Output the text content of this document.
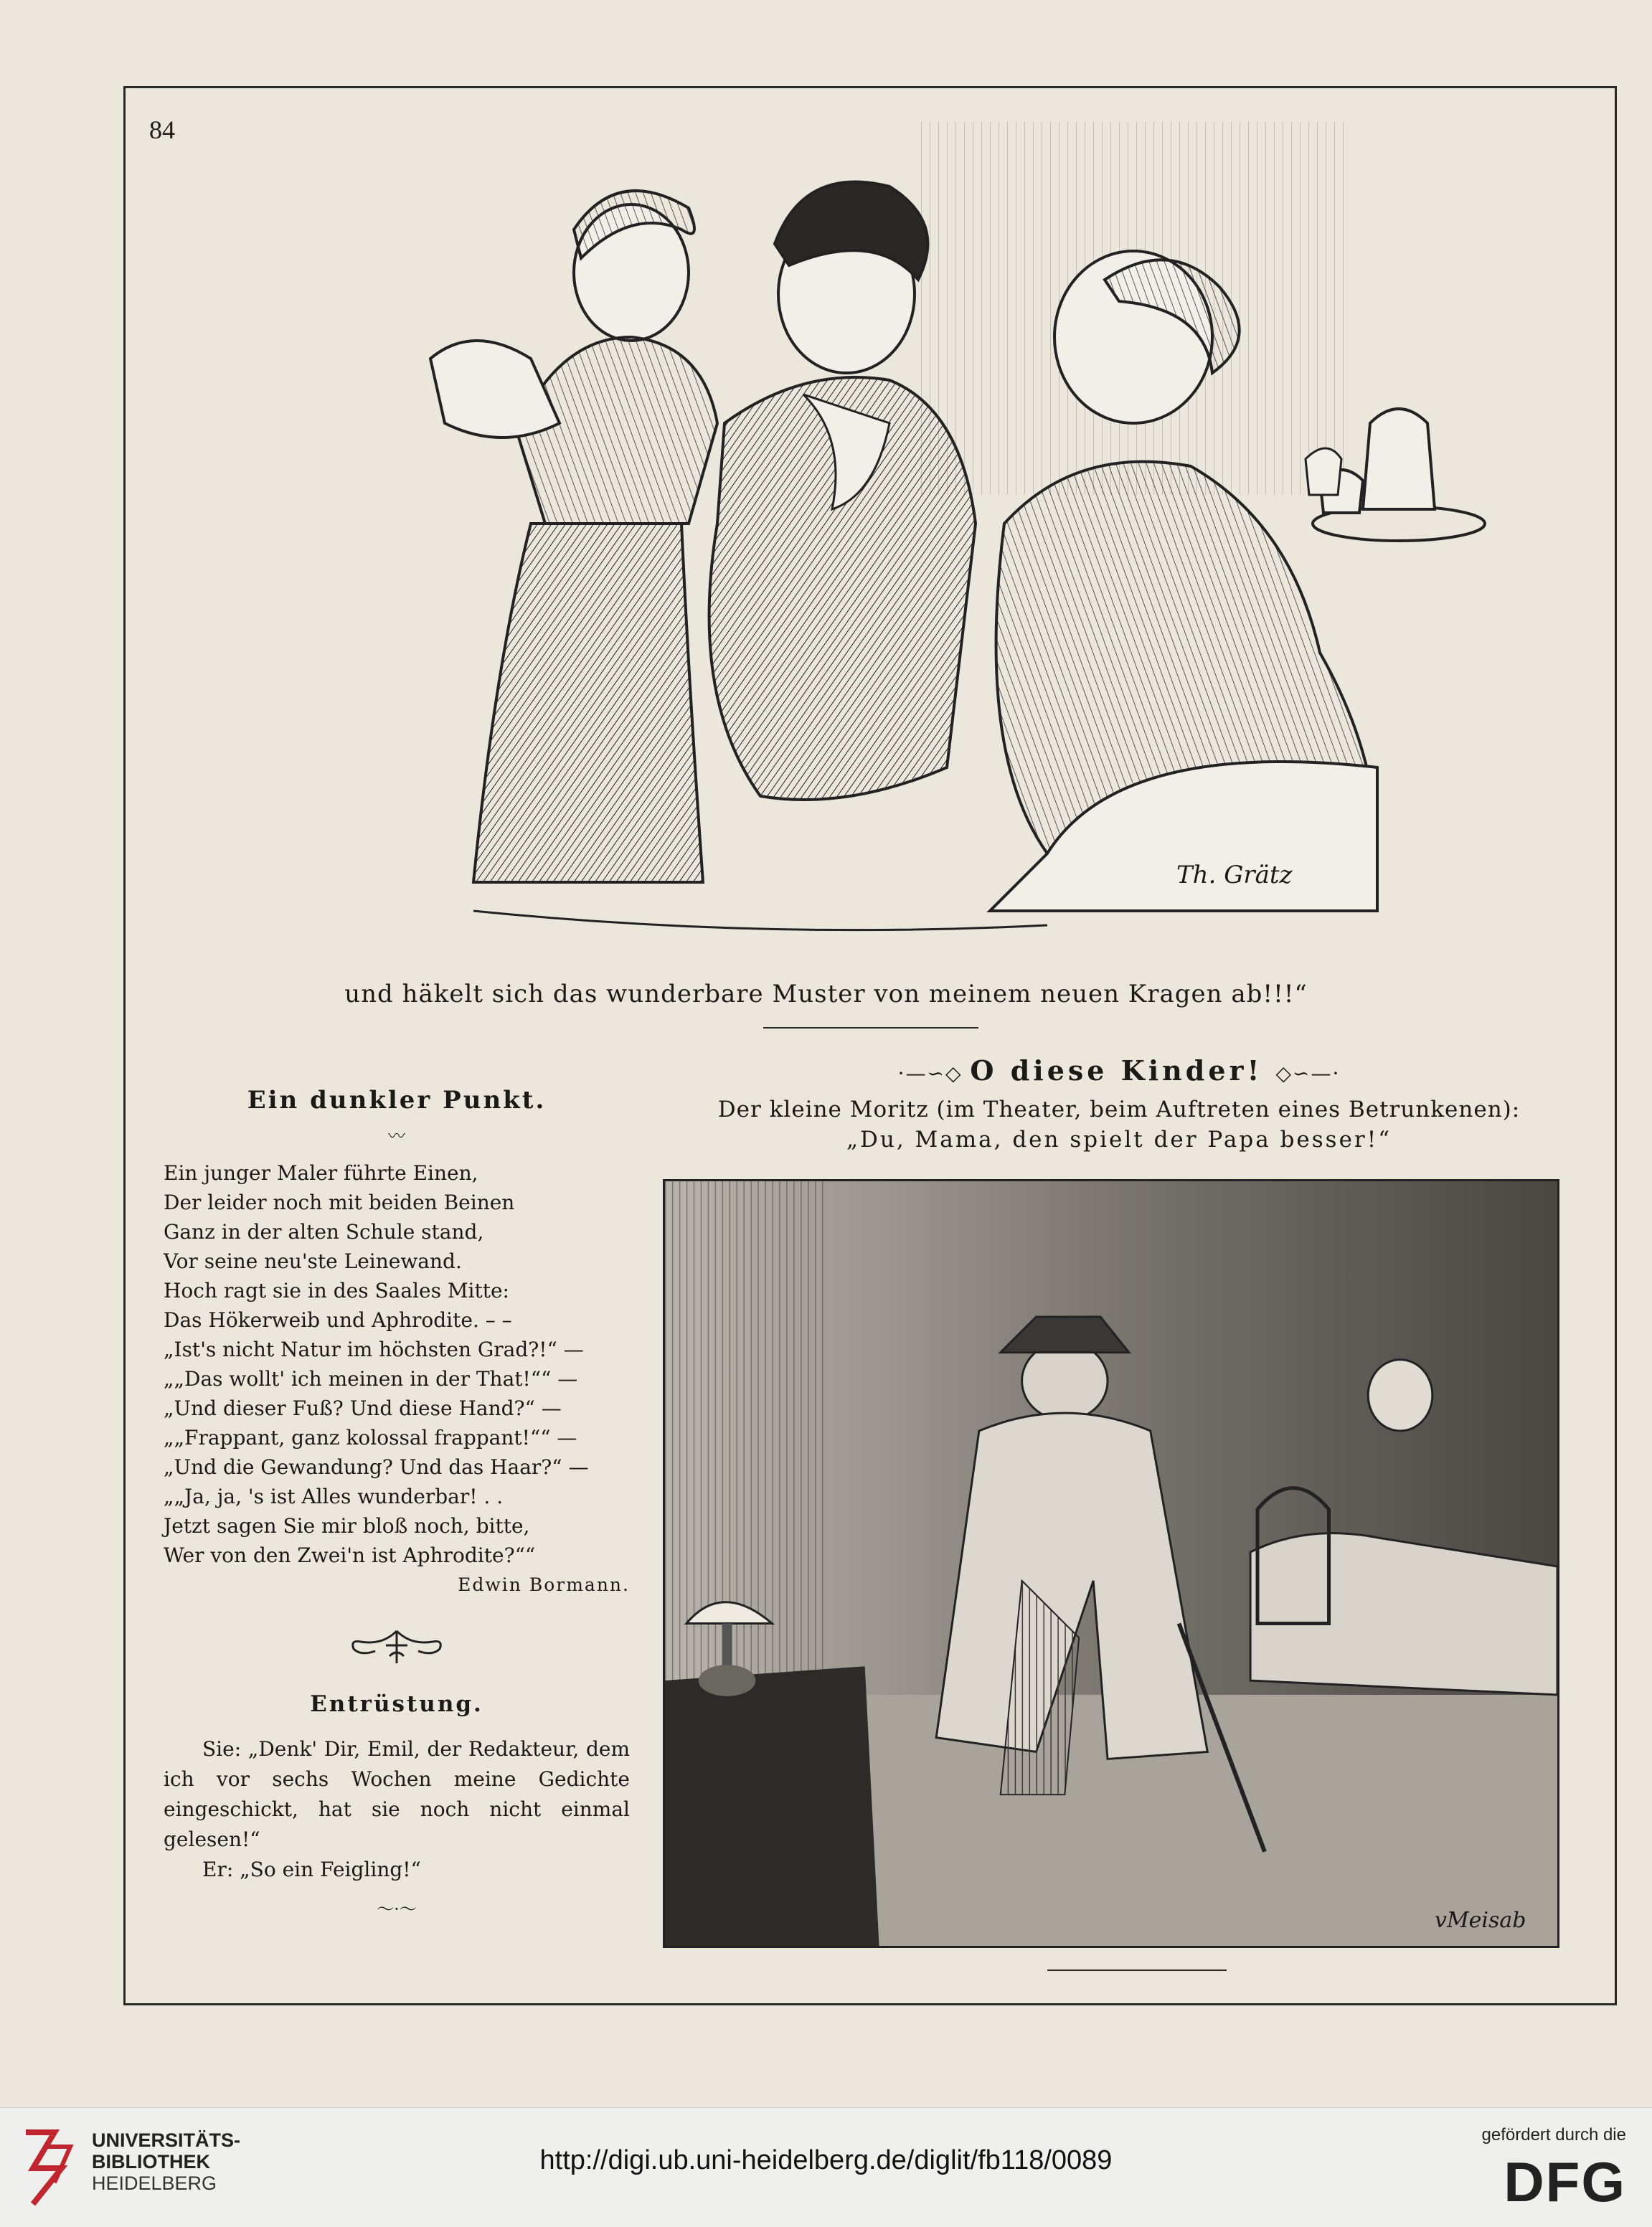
84
Th. Grätz
und häkelt sich das wunderbare Muster von meinem neuen Kragen ab!!!“
Ein dunkler Punkt.
〰
Ein junger Maler führte Einen,
Der leider noch mit beiden Beinen
Ganz in der alten Schule stand,
Vor seine neu'ste Leinewand.
Hoch ragt sie in des Saales Mitte:
Das Hökerweib und Aphrodite. – –
„Ist's nicht Natur im höchsten Grad?!“ —
„„Das wollt' ich meinen in der That!““ —
„Und dieser Fuß? Und diese Hand?“ —
„„Frappant, ganz kolossal frappant!““ —
„Und die Gewandung? Und das Haar?“ —
„„Ja, ja, 's ist Alles wunderbar! . .
Jetzt sagen Sie mir bloß noch, bitte,
Wer von den Zwei'n ist Aphrodite?““
Edwin Bormann.
Entrüstung.

Sie: „Denk' Dir, Emil, der Redakteur, dem ich vor sechs Wochen meine Gedichte eingeschickt, hat sie noch nicht einmal gelesen!“

Er: „So ein Feigling!“

～·～
·—∽◇ O diese Kinder! ◇∽—·
Der kleine Moritz (im Theater, beim Auftreten eines Betrunkenen):
„Du, Mama, den spielt der Papa besser!“
vMeisab
UNIVERSITÄTS-
BIBLIOTHEK
HEIDELBERG
http://digi.ub.uni-heidelberg.de/diglit/fb118/0089
gefördert durch die
DFG
